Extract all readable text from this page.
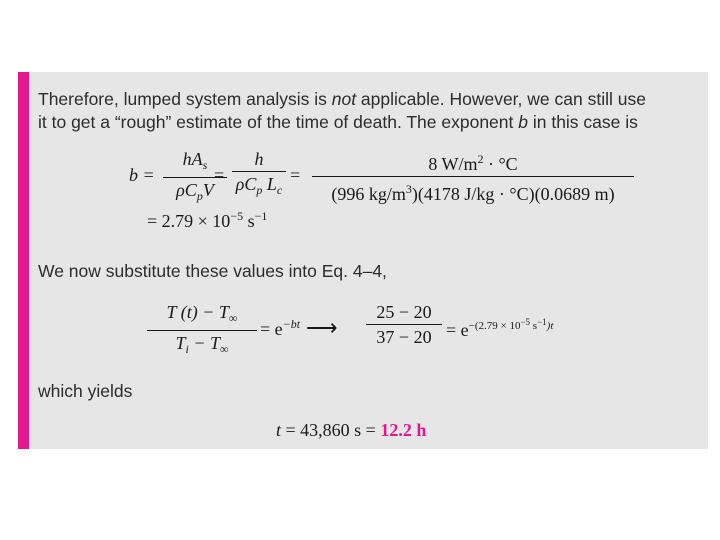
Therefore, lumped system analysis is not applicable. However, we can still use
it to get a “rough” estimate of the time of death. The exponent b in this case is
b =
$hA_s$
$\rho C_pV$
=
h
$\rho C_p$ $L_c$
=
8 $W/m^2 \cdot ^\circ C$
(996 $kg/m^3)(4178$ J/kg · °C)(0.0689 m)
= $2.79 \times 10^{-5}$ $s^{-1}$
We now substitute these values into Eq. 4–4,
T $(t) - T_\infty$
$T_i - T_\infty$
= $e^{-bt}$ ⟶
25 − 20
$37 - 20 = e^{-(2.79 \times 10^{-5} s^{-1})t}$
which yields
t = 43,860 s = 12.2 h
